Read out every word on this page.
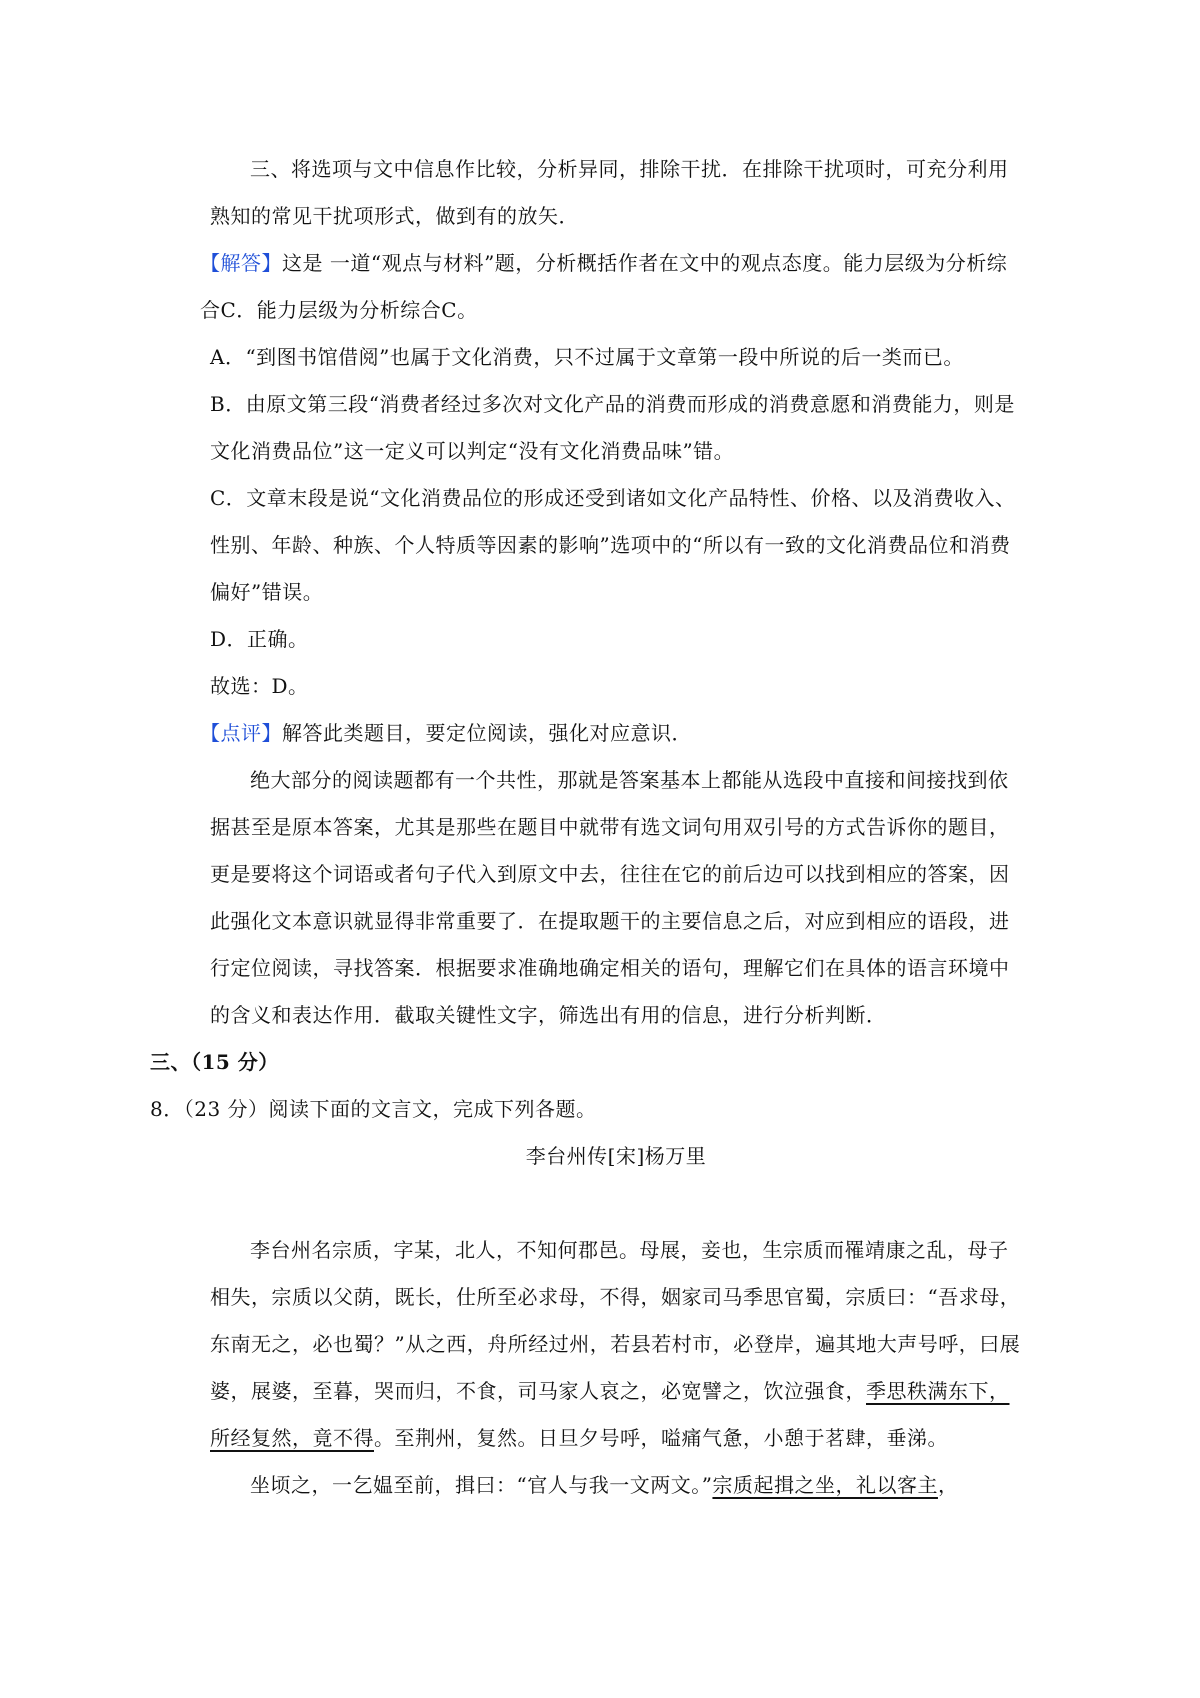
三、将选项与文中信息作比较，分析异同，排除干扰．在排除干扰项时，可充分利用熟知的常见干扰项形式，做到有的放矢．

【解答】这是 一道“观点与材料”题，分析概括作者在文中的观点态度。能力层级为分析综合C．能力层级为分析综合C。

A．“到图书馆借阅”也属于文化消费，只不过属于文章第一段中所说的后一类而已。

B．由原文第三段“消费者经过多次对文化产品的消费而形成的消费意愿和消费能力，则是文化消费品位”这一定义可以判定“没有文化消费品味”错。

C．文章末段是说“文化消费品位的形成还受到诸如文化产品特性、价格、以及消费收入、性别、年龄、种族、个人特质等因素的影响”选项中的“所以有一致的文化消费品位和消费偏好”错误。

D．正确。

故选：D。

【点评】解答此类题目，要定位阅读，强化对应意识．

绝大部分的阅读题都有一个共性，那就是答案基本上都能从选段中直接和间接找到依据甚至是原本答案，尤其是那些在题目中就带有选文词句用双引号的方式告诉你的题目，更是要将这个词语或者句子代入到原文中去，往往在它的前后边可以找到相应的答案，因此强化文本意识就显得非常重要了．在提取题干的主要信息之后，对应到相应的语段，进行定位阅读，寻找答案．根据要求准确地确定相关的语句，理解它们在具体的语言环境中的含义和表达作用．截取关键性文字，筛选出有用的信息，进行分析判断．

三、（15 分）

8．（23 分）阅读下面的文言文，完成下列各题。

李台州传[宋]杨万里

李台州名宗质，字某，北人，不知何郡邑。母展，妾也，生宗质而罹靖康之乱，母子相失，宗质以父荫，既长，仕所至必求母，不得，姻家司马季思官蜀，宗质曰：“吾求母，东南无之，必也蜀？”从之西，舟所经过州，若县若村市，必登岸，遍其地大声号呼，曰展婆，展婆，至暮，哭而归，不食，司马家人哀之，必宽譬之，饮泣强食，季思秩满东下，所经复然，竟不得。至荆州，复然。日旦夕号呼，嗌痛气惫，小憩于茗肆，垂涕。

坐顷之，一乞媪至前，揖曰：“官人与我一文两文。”宗质起揖之坐，礼以客主，
